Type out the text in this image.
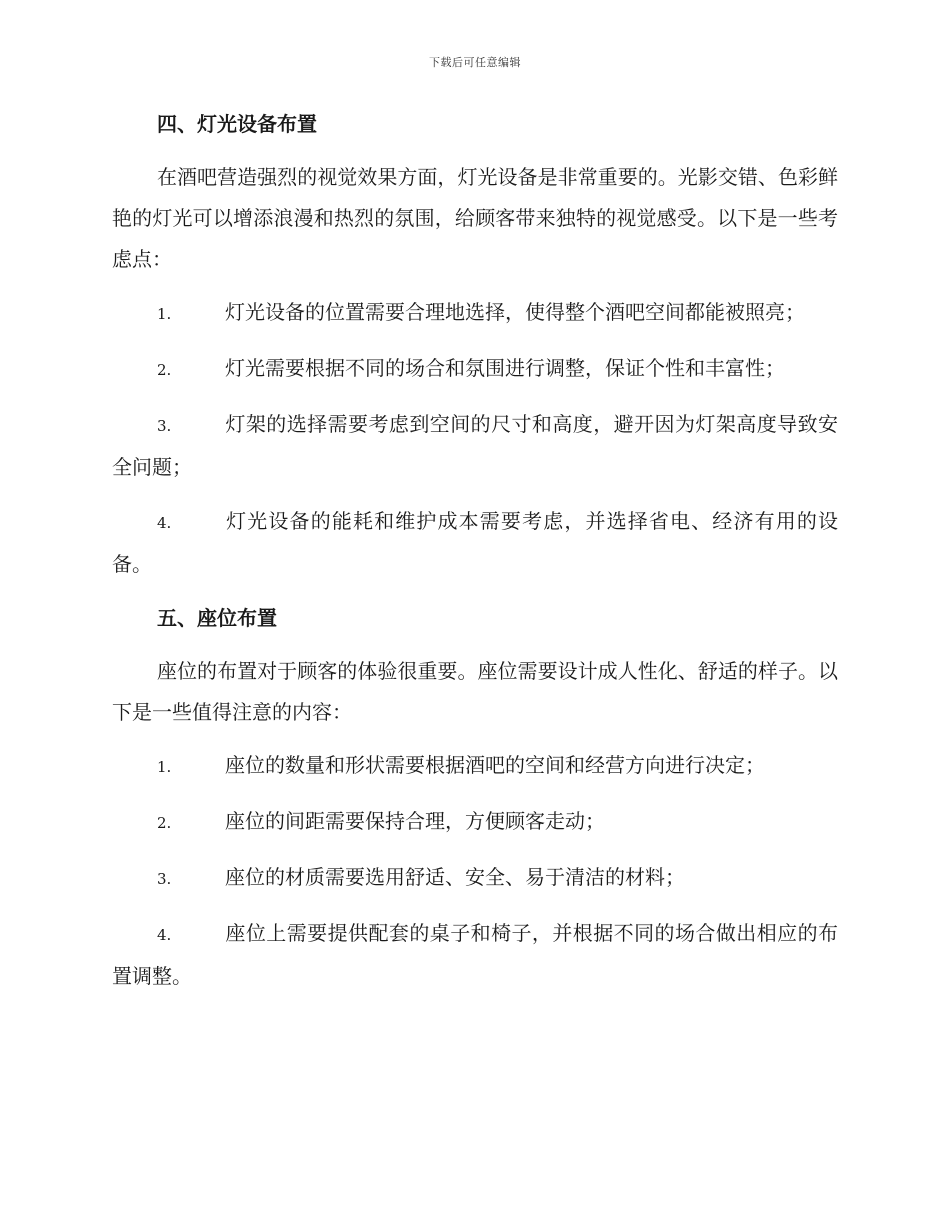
下载后可任意编辑
四、灯光设备布置

在酒吧营造强烈的视觉效果方面，灯光设备是非常重要的。光影交错、色彩鲜艳的灯光可以增添浪漫和热烈的氛围，给顾客带来独特的视觉感受。以下是一些考虑点：

1.	灯光设备的位置需要合理地选择，使得整个酒吧空间都能被照亮；
2.	灯光需要根据不同的场合和氛围进行调整，保证个性和丰富性；
3.	灯架的选择需要考虑到空间的尺寸和高度，避开因为灯架高度导致安全问题；
4.	灯光设备的能耗和维护成本需要考虑，并选择省电、经济有用的设备。
五、座位布置

座位的布置对于顾客的体验很重要。座位需要设计成人性化、舒适的样子。以下是一些值得注意的内容：

1.	座位的数量和形状需要根据酒吧的空间和经营方向进行决定；
2.	座位的间距需要保持合理，方便顾客走动；
3.	座位的材质需要选用舒适、安全、易于清洁的材料；
4.	座位上需要提供配套的桌子和椅子，并根据不同的场合做出相应的布置调整。
